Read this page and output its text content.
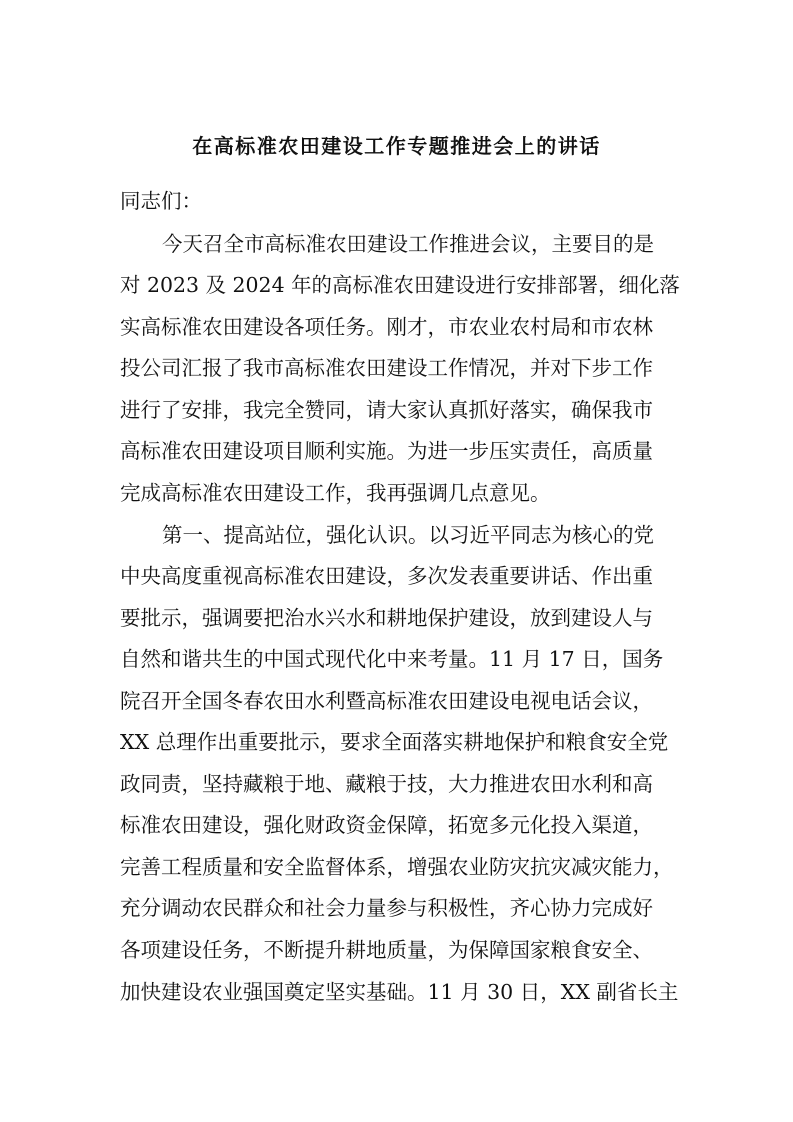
在高标准农田建设工作专题推进会上的讲话
同志们：
今天召全市高标准农田建设工作推进会议，主要目的是
对 2023 及 2024 年的高标准农田建设进行安排部署，细化落
实高标准农田建设各项任务。刚才，市农业农村局和市农林
投公司汇报了我市高标准农田建设工作情况，并对下步工作
进行了安排，我完全赞同，请大家认真抓好落实，确保我市
高标准农田建设项目顺利实施。为进一步压实责任，高质量
完成高标准农田建设工作，我再强调几点意见。
第一、提高站位，强化认识。以习近平同志为核心的党
中央高度重视高标准农田建设，多次发表重要讲话、作出重
要批示，强调要把治水兴水和耕地保护建设，放到建设人与
自然和谐共生的中国式现代化中来考量。11 月 17 日，国务
院召开全国冬春农田水利暨高标准农田建设电视电话会议，
XX 总理作出重要批示，要求全面落实耕地保护和粮食安全党
政同责，坚持藏粮于地、藏粮于技，大力推进农田水利和高
标准农田建设，强化财政资金保障，拓宽多元化投入渠道，
完善工程质量和安全监督体系，增强农业防灾抗灾减灾能力，
充分调动农民群众和社会力量参与积极性，齐心协力完成好
各项建设任务，不断提升耕地质量，为保障国家粮食安全、
加快建设农业强国奠定坚实基础。11 月 30 日，XX 副省长主
